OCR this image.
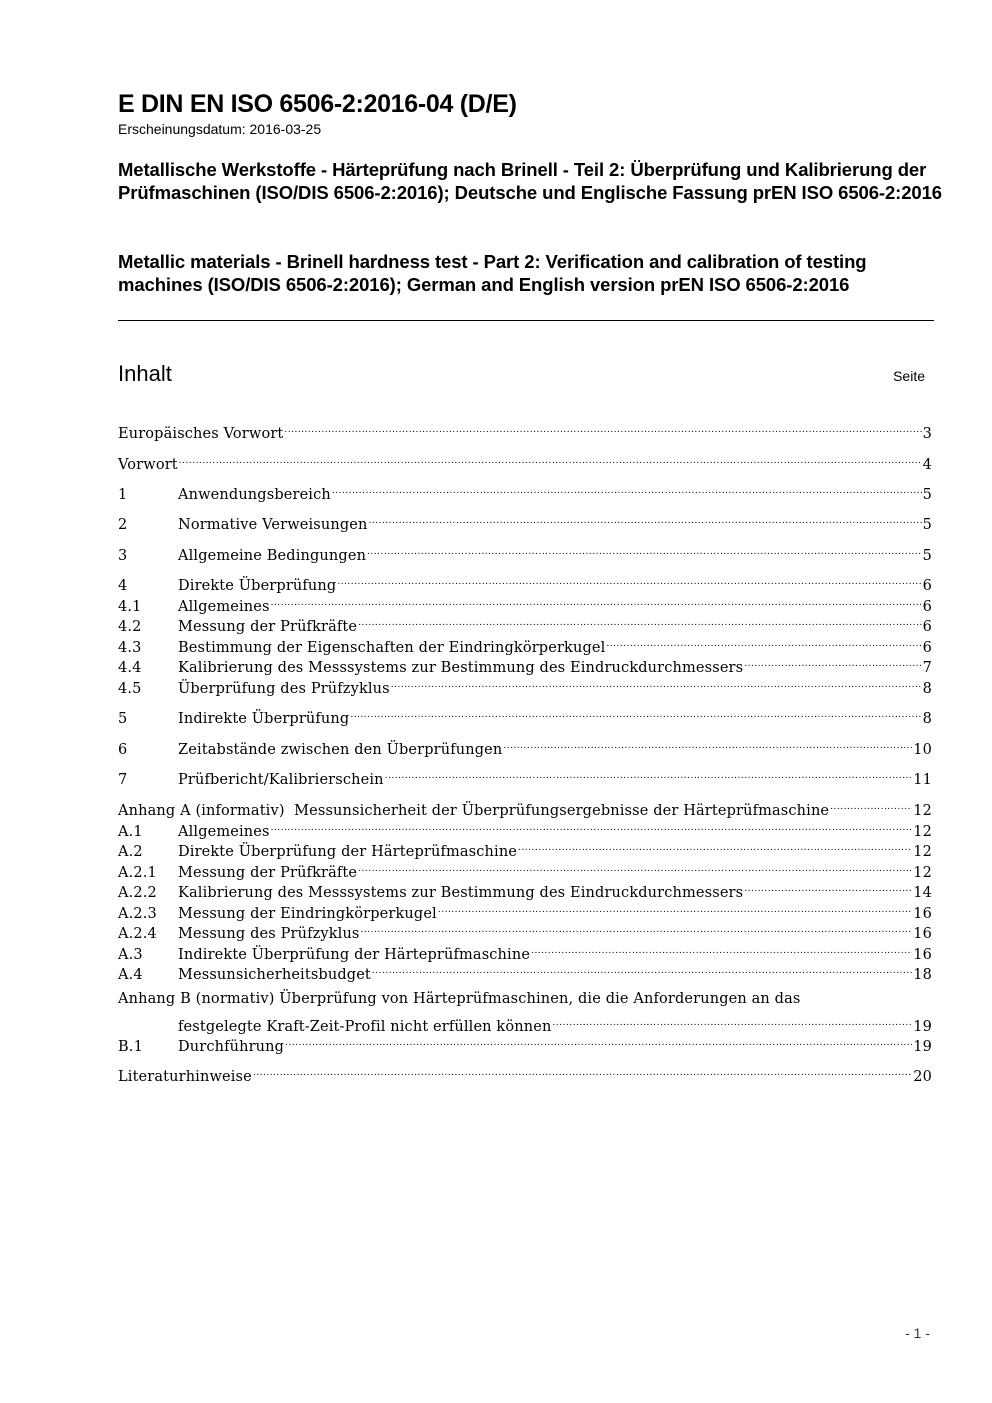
E DIN EN ISO 6506-2:2016-04 (D/E)
Erscheinungsdatum: 2016-03-25
Metallische Werkstoffe - Härteprüfung nach Brinell - Teil 2: Überprüfung und Kalibrierung der Prüfmaschinen (ISO/DIS 6506-2:2016); Deutsche und Englische Fassung prEN ISO 6506-2:2016
Metallic materials - Brinell hardness test - Part 2: Verification and calibration of testing machines (ISO/DIS 6506-2:2016); German and English version prEN ISO 6506-2:2016
Inhalt	Seite
Europäisches Vorwort .....	3
Vorwort .....	4
1	Anwendungsbereich .....	5
2	Normative Verweisungen .....	5
3	Allgemeine Bedingungen .....	5
4	Direkte Überprüfung .....	6
4.1	Allgemeines .....	6
4.2	Messung der Prüfkräfte .....	6
4.3	Bestimmung der Eigenschaften der Eindringkörperkugel .....	6
4.4	Kalibrierung des Messsystems zur Bestimmung des Eindruckdurchmessers .....	7
4.5	Überprüfung des Prüfzyklus .....	8
5	Indirekte Überprüfung .....	8
6	Zeitabstände zwischen den Überprüfungen .....	10
7	Prüfbericht/Kalibrierschein .....	11
Anhang A (informativ)  Messunsicherheit der Überprüfungsergebnisse der Härteprüfmaschine .....	12
A.1	Allgemeines .....	12
A.2	Direkte Überprüfung der Härteprüfmaschine .....	12
A.2.1	Messung der Prüfkräfte .....	12
A.2.2	Kalibrierung des Messsystems zur Bestimmung des Eindruckdurchmessers .....	14
A.2.3	Messung der Eindringkörperkugel .....	16
A.2.4	Messung des Prüfzyklus .....	16
A.3	Indirekte Überprüfung der Härteprüfmaschine .....	16
A.4	Messunsicherheitsbudget .....	18
Anhang B (normativ) Überprüfung von Härteprüfmaschinen, die die Anforderungen an das
festgelegte Kraft-Zeit-Profil nicht erfüllen können .....	19
B.1	Durchführung .....	19
Literaturhinweise .....	20
- 1 -
